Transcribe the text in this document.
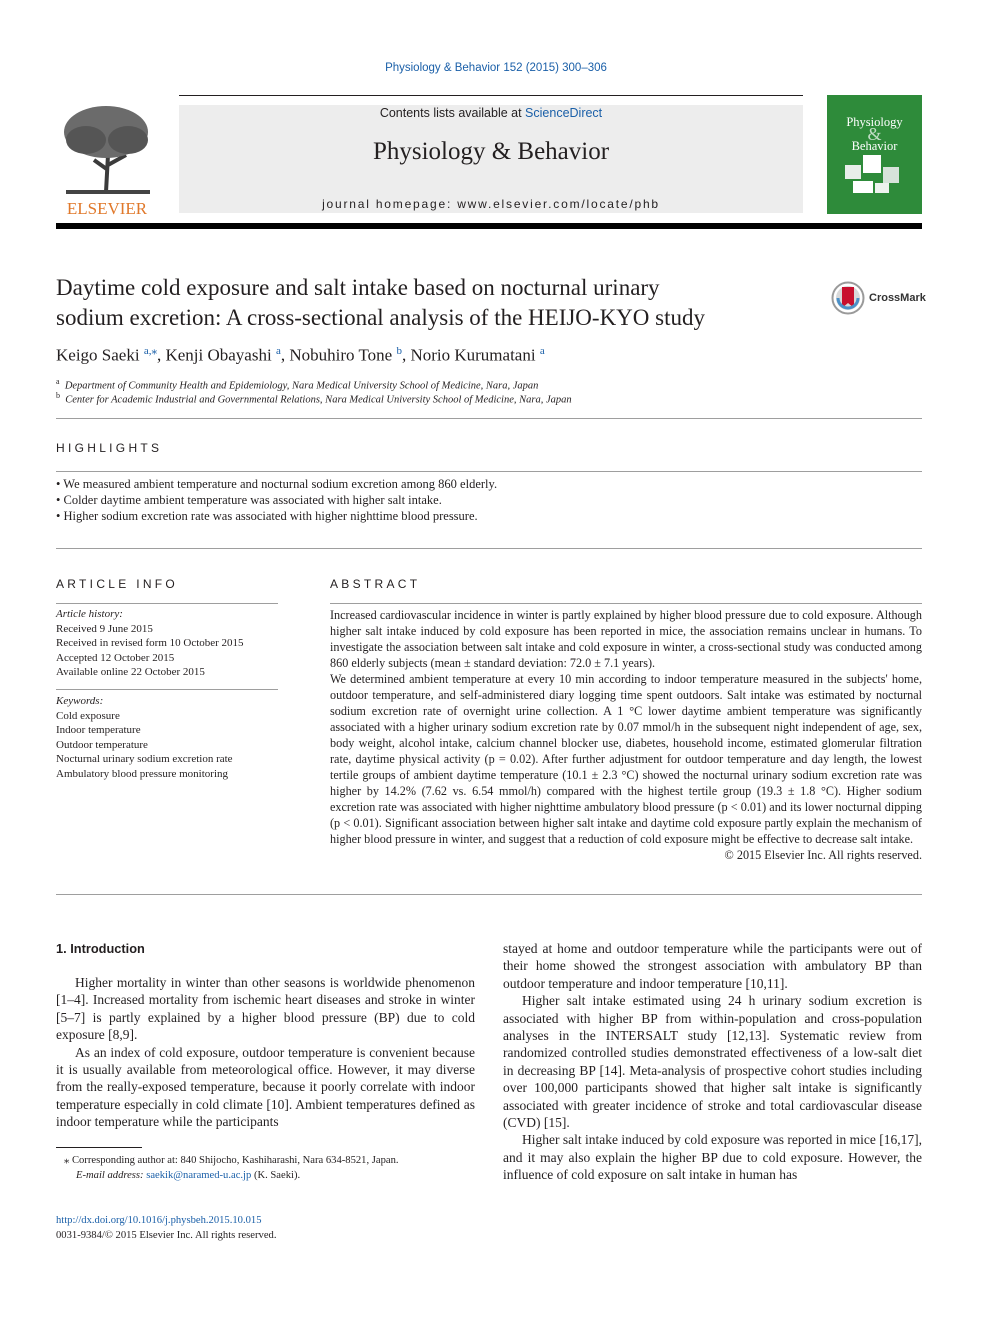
Physiology & Behavior 152 (2015) 300–306
ELSEVIER
Contents lists available at ScienceDirect
Physiology & Behavior
journal homepage: www.elsevier.com/locate/phb
Physiology
&
Behavior
Daytime cold exposure and salt intake based on nocturnal urinary
sodium excretion: A cross-sectional analysis of the HEIJO-KYO study
CrossMark
Keigo Saeki $^{a,⁎}$, Kenji Obayashi $^a$, Nobuhiro Tone $^b$, Norio Kurumatani $^a$
$^a$ Department of Community Health and Epidemiology, Nara Medical University School of Medicine, Nara, Japan
$^b$ Center for Academic Industrial and Governmental Relations, Nara Medical University School of Medicine, Nara, Japan
HIGHLIGHTS
• We measured ambient temperature and nocturnal sodium excretion among 860 elderly.
• Colder daytime ambient temperature was associated with higher salt intake.
• Higher sodium excretion rate was associated with higher nighttime blood pressure.
ARTICLE INFO
Article history:
Received 9 June 2015
Received in revised form 10 October 2015
Accepted 12 October 2015
Available online 22 October 2015
Keywords:
Cold exposure
Indoor temperature
Outdoor temperature
Nocturnal urinary sodium excretion rate
Ambulatory blood pressure monitoring
ABSTRACT

Increased cardiovascular incidence in winter is partly explained by higher blood pressure due to cold exposure. Although higher salt intake induced by cold exposure has been reported in mice, the association remains unclear in humans. To investigate the association between salt intake and cold exposure in winter, a cross-sectional study was conducted among 860 elderly subjects (mean ± standard deviation: 72.0 ± 7.1 years).

We determined ambient temperature at every 10 min according to indoor temperature measured in the subjects' home, outdoor temperature, and self-administered diary logging time spent outdoors. Salt intake was estimated by nocturnal sodium excretion rate of overnight urine collection. A 1 °C lower daytime ambient temperature was significantly associated with a higher urinary sodium excretion rate by 0.07 mmol/h in the subsequent night independent of age, sex, body weight, alcohol intake, calcium channel blocker use, diabetes, household income, estimated glomerular filtration rate, daytime physical activity (p = 0.02). After further adjustment for outdoor temperature and day length, the lowest tertile groups of ambient daytime temperature (10.1 ± 2.3 °C) showed the nocturnal urinary sodium excretion rate was higher by 14.2% (7.62 vs. 6.54 mmol/h) compared with the highest tertile group (19.3 ± 1.8 °C). Higher sodium excretion rate was associated with higher nighttime ambulatory blood pressure (p < 0.01) and its lower nocturnal dipping (p < 0.01). Significant association between higher salt intake and daytime cold exposure partly explain the mechanism of higher blood pressure in winter, and suggest that a reduction of cold exposure might be effective to decrease salt intake.

© 2015 Elsevier Inc. All rights reserved.
1. Introduction

Higher mortality in winter than other seasons is worldwide phenomenon [1–4]. Increased mortality from ischemic heart diseases and stroke in winter [5–7] is partly explained by a higher blood pressure (BP) due to cold exposure [8,9].

As an index of cold exposure, outdoor temperature is convenient because it is usually available from meteorological office. However, it may diverse from the really-exposed temperature, because it poorly correlate with indoor temperature especially in cold climate [10]. Ambient temperatures defined as indoor temperature while the participants

stayed at home and outdoor temperature while the participants were out of their home showed the strongest association with ambulatory BP than outdoor temperature and indoor temperature [10,11].

Higher salt intake estimated using 24 h urinary sodium excretion is associated with higher BP from within-population and cross-population analyses in the INTERSALT study [12,13]. Systematic review from randomized controlled studies demonstrated effectiveness of a low-salt diet in decreasing BP [14]. Meta-analysis of prospective cohort studies including over 100,000 participants showed that higher salt intake is significantly associated with greater incidence of stroke and total cardiovascular disease (CVD) [15].

Higher salt intake induced by cold exposure was reported in mice [16,17], and it may also explain the higher BP due to cold exposure. However, the influence of cold exposure on salt intake in human has

⁎ Corresponding author at: 840 Shijocho, Kashiharashi, Nara 634-8521, Japan.
E-mail address: saekik@naramed-u.ac.jp (K. Saeki).
http://dx.doi.org/10.1016/j.physbeh.2015.10.015
0031-9384/© 2015 Elsevier Inc. All rights reserved.
